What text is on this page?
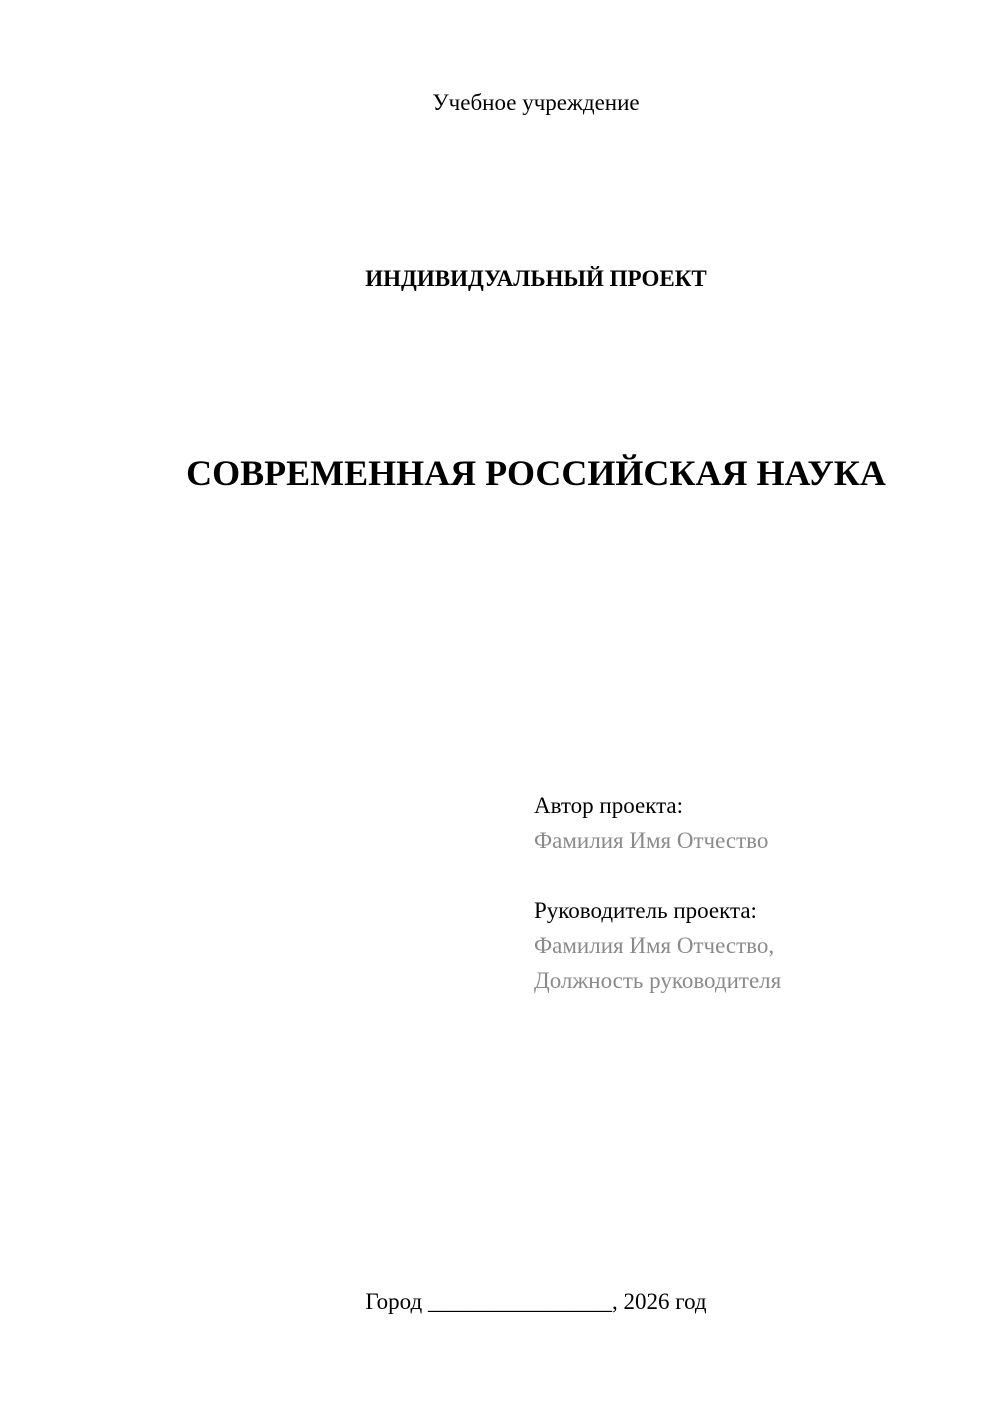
Учебное учреждение
ИНДИВИДУАЛЬНЫЙ ПРОЕКТ
СОВРЕМЕННАЯ РОССИЙСКАЯ НАУКА
Автор проекта:
Фамилия Имя Отчество
Руководитель проекта:
Фамилия Имя Отчество,
Должность руководителя
Город ________________, 2026 год
